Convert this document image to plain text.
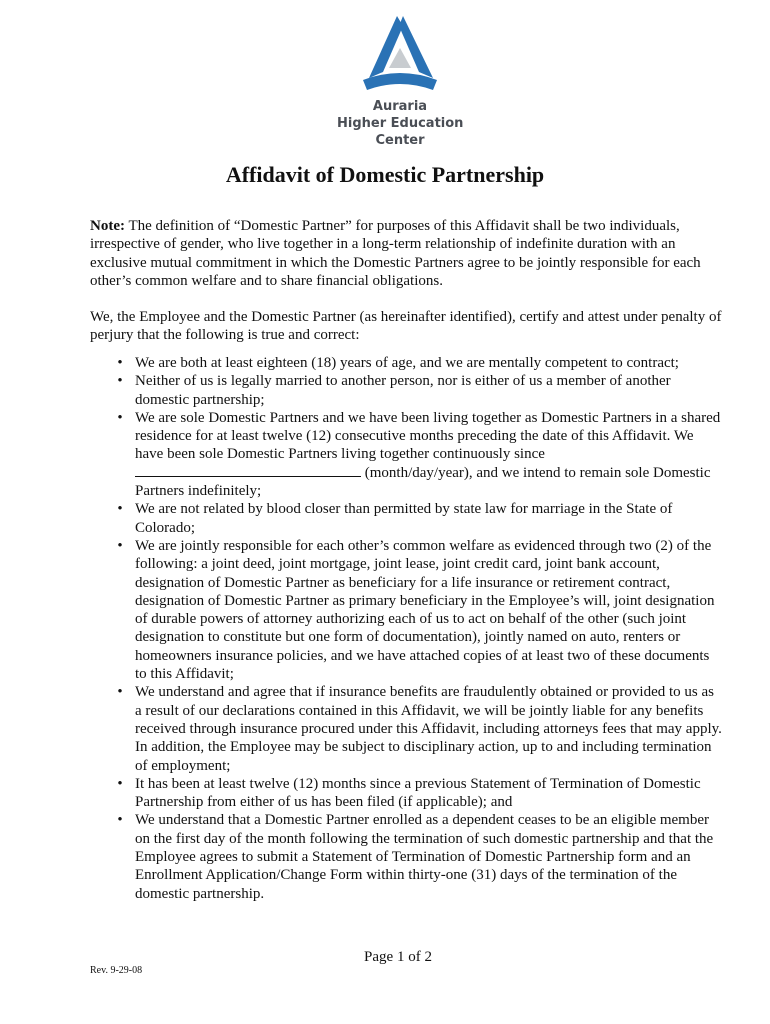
Auraria
Higher Education
Center
Affidavit of Domestic Partnership
Note: The definition of “Domestic Partner” for purposes of this Affidavit shall be two individuals, irrespective of gender, who live together in a long-term relationship of indefinite duration with an exclusive mutual commitment in which the Domestic Partners agree to be jointly responsible for each other’s common welfare and to share financial obligations.
We, the Employee and the Domestic Partner (as hereinafter identified), certify and attest under penalty of perjury that the following is true and correct:
• We are both at least eighteen (18) years of age, and we are mentally competent to contract;
• Neither of us is legally married to another person, nor is either of us a member of another domestic partnership;
• We are sole Domestic Partners and we have been living together as Domestic Partners in a shared residence for at least twelve (12) consecutive months preceding the date of this Affidavit. We have been sole Domestic Partners living together continuously since  (month/day/year), and we intend to remain sole Domestic Partners indefinitely;
• We are not related by blood closer than permitted by state law for marriage in the State of Colorado;
• We are jointly responsible for each other’s common welfare as evidenced through two (2) of the following: a joint deed, joint mortgage, joint lease, joint credit card, joint bank account, designation of Domestic Partner as beneficiary for a life insurance or retirement contract, designation of Domestic Partner as primary beneficiary in the Employee’s will, joint designation of durable powers of attorney authorizing each of us to act on behalf of the other (such joint designation to constitute but one form of documentation), jointly named on auto, renters or homeowners insurance policies, and we have attached copies of at least two of these documents to this Affidavit;
• We understand and agree that if insurance benefits are fraudulently obtained or provided to us as a result of our declarations contained in this Affidavit, we will be jointly liable for any benefits received through insurance procured under this Affidavit, including attorneys fees that may apply. In addition, the Employee may be subject to disciplinary action, up to and including termination of employment;
• It has been at least twelve (12) months since a previous Statement of Termination of Domestic Partnership from either of us has been filed (if applicable); and
• We understand that a Domestic Partner enrolled as a dependent ceases to be an eligible member on the first day of the month following the termination of such domestic partnership and that the Employee agrees to submit a Statement of Termination of Domestic Partnership form and an Enrollment Application/Change Form within thirty-one (31) days of the termination of the domestic partnership.
Page 1 of 2
Rev. 9-29-08
